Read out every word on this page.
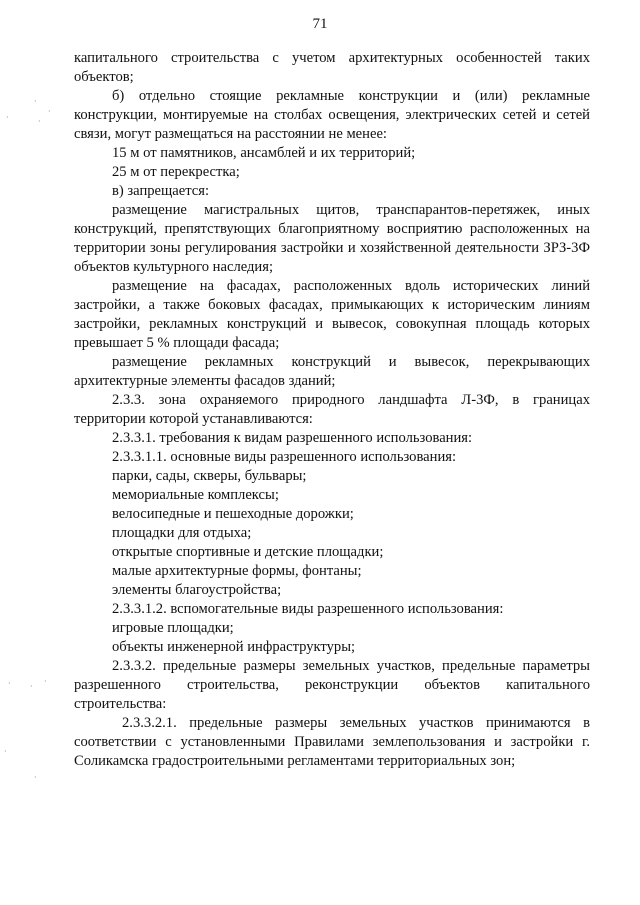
71

капитального строительства с учетом архитектурных особенностей таких объектов;

б) отдельно стоящие рекламные конструкции и (или) рекламные конструкции, монтируемые на столбах освещения, электрических сетей и сетей связи, могут размещаться на расстоянии не менее:

15 м от памятников, ансамблей и их территорий;

25 м от перекрестка;

в) запрещается:

размещение магистральных щитов, транспарантов-перетяжек, иных конструкций, препятствующих благоприятному восприятию расположенных на территории зоны регулирования застройки и хозяйственной деятельности ЗРЗ-3Ф объектов культурного наследия;

размещение на фасадах, расположенных вдоль исторических линий застройки, а также боковых фасадах, примыкающих к историческим линиям застройки, рекламных конструкций и вывесок, совокупная площадь которых превышает 5 % площади фасада;

размещение рекламных конструкций и вывесок, перекрывающих архитектурные элементы фасадов зданий;

2.3.3. зона охраняемого природного ландшафта Л-3Ф, в границах территории которой устанавливаются:

2.3.3.1. требования к видам разрешенного использования:

2.3.3.1.1. основные виды разрешенного использования:

парки, сады, скверы, бульвары;

мемориальные комплексы;

велосипедные и пешеходные дорожки;

площадки для отдыха;

открытые спортивные и детские площадки;

малые архитектурные формы, фонтаны;

элементы благоустройства;

2.3.3.1.2. вспомогательные виды разрешенного использования:

игровые площадки;

объекты инженерной инфраструктуры;

2.3.3.2. предельные размеры земельных участков, предельные параметры разрешенного строительства, реконструкции объектов капитального строительства:

2.3.3.2.1. предельные размеры земельных участков принимаются в соответствии с установленными Правилами землепользования и застройки г. Соликамска градостроительными регламентами территориальных зон;

·
·	·
·
· ·
·
·
·
